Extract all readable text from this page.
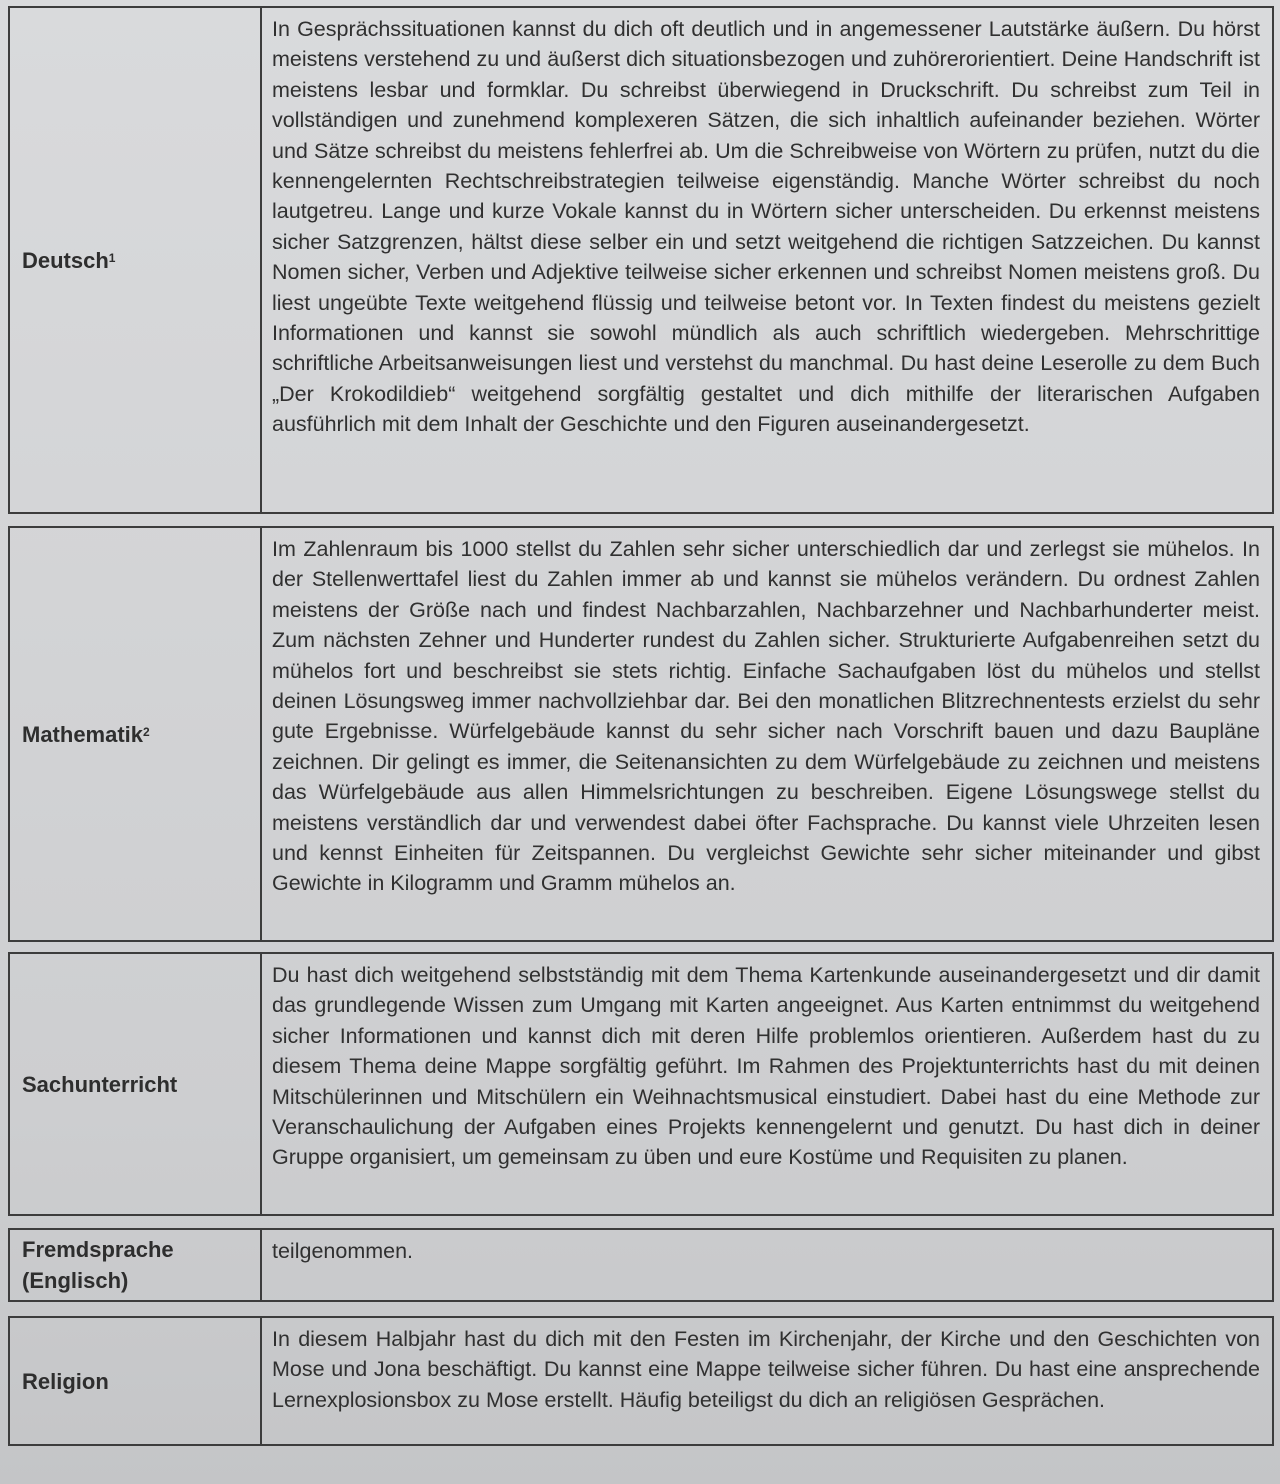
Deutsch$^1$
In Gesprächssituationen kannst du dich oft deutlich und in angemessener Lautstärke äußern. Du hörst meistens verstehend zu und äußerst dich situationsbezogen und zuhörerorientiert. Deine Handschrift ist meistens lesbar und formklar. Du schreibst überwiegend in Druckschrift. Du schreibst zum Teil in vollständigen und zunehmend komplexeren Sätzen, die sich inhaltlich aufeinander beziehen. Wörter und Sätze schreibst du meistens fehlerfrei ab. Um die Schreibweise von Wörtern zu prüfen, nutzt du die kennengelernten Rechtschreibstrategien teilweise eigenständig. Manche Wörter schreibst du noch lautgetreu. Lange und kurze Vokale kannst du in Wörtern sicher unterscheiden. Du erkennst meistens sicher Satzgrenzen, hältst diese selber ein und setzt weitgehend die richtigen Satzzeichen. Du kannst Nomen sicher, Verben und Adjektive teilweise sicher erkennen und schreibst Nomen meistens groß. Du liest ungeübte Texte weitgehend flüssig und teilweise betont vor. In Texten findest du meistens gezielt Informationen und kannst sie sowohl mündlich als auch schriftlich wiedergeben. Mehrschrittige schriftliche Arbeitsanweisungen liest und verstehst du manchmal. Du hast deine Leserolle zu dem Buch „Der Krokodildieb“ weitgehend sorgfältig gestaltet und dich mithilfe der literarischen Aufgaben ausführlich mit dem Inhalt der Geschichte und den Figuren auseinandergesetzt.
Mathematik$^2$
Im Zahlenraum bis 1000 stellst du Zahlen sehr sicher unterschiedlich dar und zerlegst sie mühelos. In der Stellenwerttafel liest du Zahlen immer ab und kannst sie mühelos verändern. Du ordnest Zahlen meistens der Größe nach und findest Nachbarzahlen, Nachbarzehner und Nachbarhunderter meist. Zum nächsten Zehner und Hunderter rundest du Zahlen sicher. Strukturierte Aufgabenreihen setzt du mühelos fort und beschreibst sie stets richtig. Einfache Sachaufgaben löst du mühelos und stellst deinen Lösungsweg immer nachvollziehbar dar. Bei den monatlichen Blitzrechnentests erzielst du sehr gute Ergebnisse. Würfelgebäude kannst du sehr sicher nach Vorschrift bauen und dazu Baupläne zeichnen. Dir gelingt es immer, die Seitenansichten zu dem Würfelgebäude zu zeichnen und meistens das Würfelgebäude aus allen Himmelsrichtungen zu beschreiben. Eigene Lösungswege stellst du meistens verständlich dar und verwendest dabei öfter Fachsprache. Du kannst viele Uhrzeiten lesen und kennst Einheiten für Zeitspannen. Du vergleichst Gewichte sehr sicher miteinander und gibst Gewichte in Kilogramm und Gramm mühelos an.
Sachunterricht
Du hast dich weitgehend selbstständig mit dem Thema Kartenkunde auseinandergesetzt und dir damit das grundlegende Wissen zum Umgang mit Karten angeeignet. Aus Karten entnimmst du weitgehend sicher Informationen und kannst dich mit deren Hilfe problemlos orientieren. Außerdem hast du zu diesem Thema deine Mappe sorgfältig geführt. Im Rahmen des Projektunterrichts hast du mit deinen Mitschülerinnen und Mitschülern ein Weihnachtsmusical einstudiert. Dabei hast du eine Methode zur Veranschaulichung der Aufgaben eines Projekts kennengelernt und genutzt. Du hast dich in deiner Gruppe organisiert, um gemeinsam zu üben und eure Kostüme und Requisiten zu planen.
Fremdsprache (Englisch)
teilgenommen.
Religion
In diesem Halbjahr hast du dich mit den Festen im Kirchenjahr, der Kirche und den Geschichten von Mose und Jona beschäftigt. Du kannst eine Mappe teilweise sicher führen. Du hast eine ansprechende Lernexplosionsbox zu Mose erstellt. Häufig beteiligst du dich an religiösen Gesprächen.
